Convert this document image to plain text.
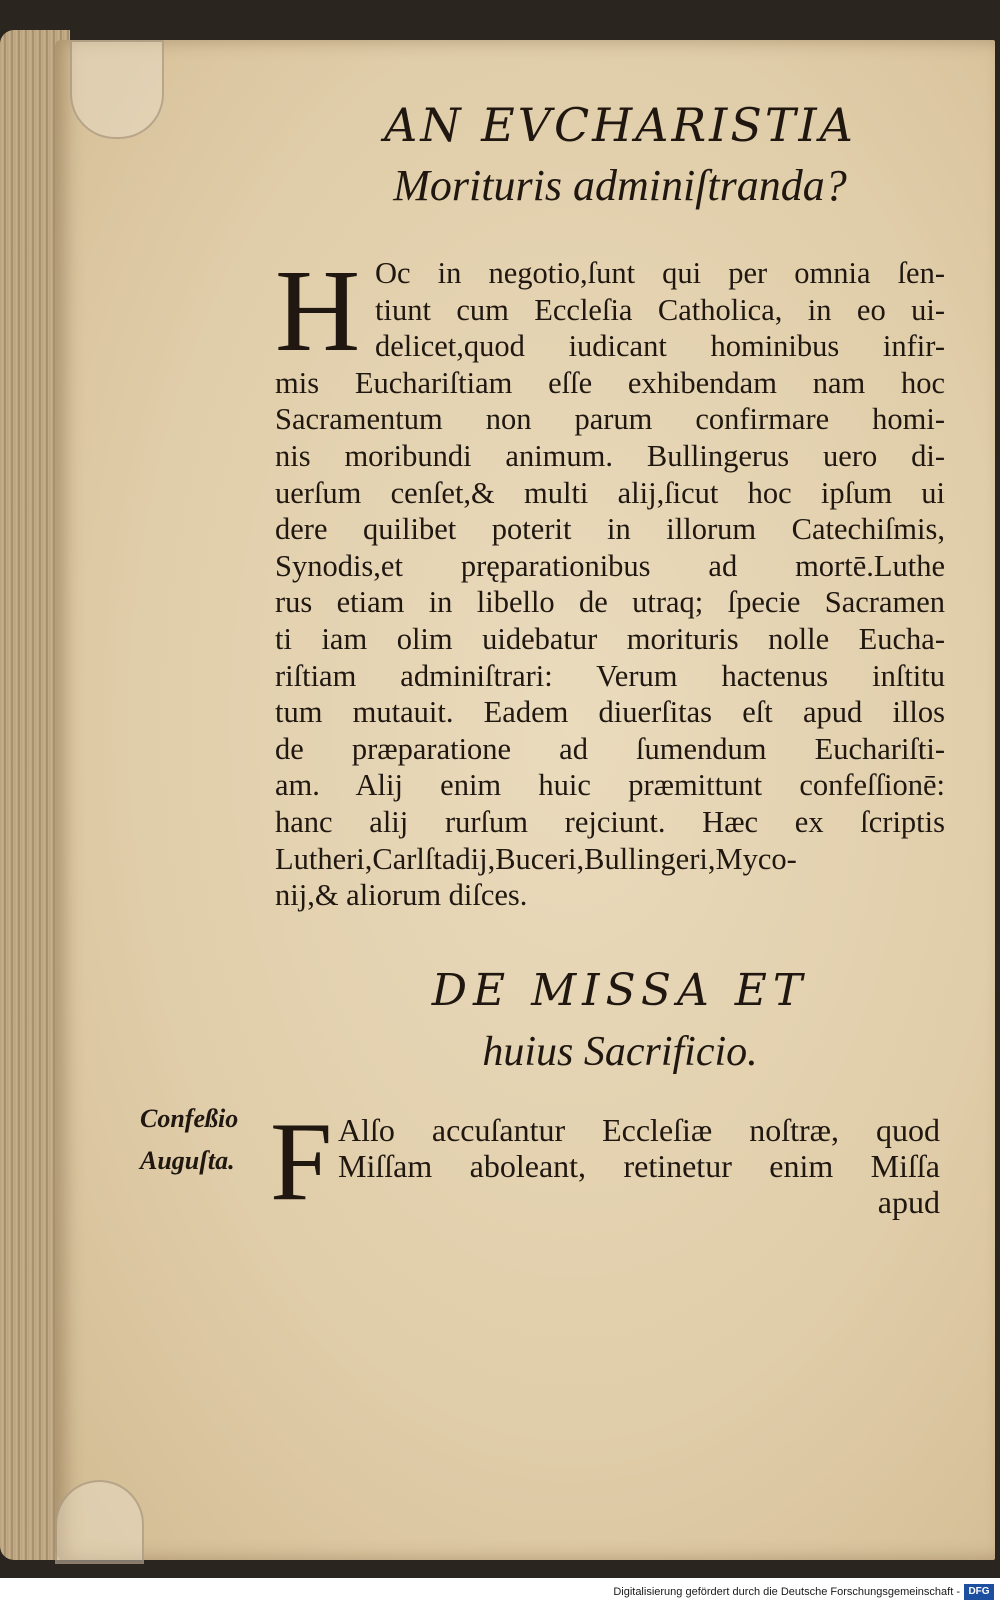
AN EVCHARISTIA
Morituris adminiſtranda?
H Oc in negotio,ſunt qui per omnia ſen-
tiunt cum Eccleſia Catholica, in eo ui-
delicet,quod iudicant hominibus infir-
mis Euchariſtiam eſſe exhibendam nam hoc
Sacramentum non parum confirmare homi-
nis moribundi animum. Bullingerus uero di-
uerſum cenſet,& multi alij,ſicut hoc ipſum ui
dere quilibet poterit in illorum Catechiſmis,
Synodis,et pręparationibus ad mortē.Luthe
rus etiam in libello de utraq; ſpecie Sacramen
ti iam olim uidebatur morituris nolle Eucha-
riſtiam adminiſtrari: Verum hactenus inſtitu
tum mutauit. Eadem diuerſitas eſt apud illos
de præparatione ad ſumendum Euchariſti-
am. Alij enim huic præmittunt confeſſionē:
hanc alij rurſum rejciunt. Hæc ex ſcriptis
Lutheri,Carlſtadij,Buceri,Bullingeri,Myco-
nij,& aliorum diſces.
DE MISSA ET
huius Sacrificio.
Confeßio
Auguſta. F Alſo accuſantur Eccleſiæ noſtræ, quod
Miſſam aboleant, retinetur enim Miſſa
apud
Digitalisierung gefördert durch die Deutsche Forschungsgemeinschaft - DFG
